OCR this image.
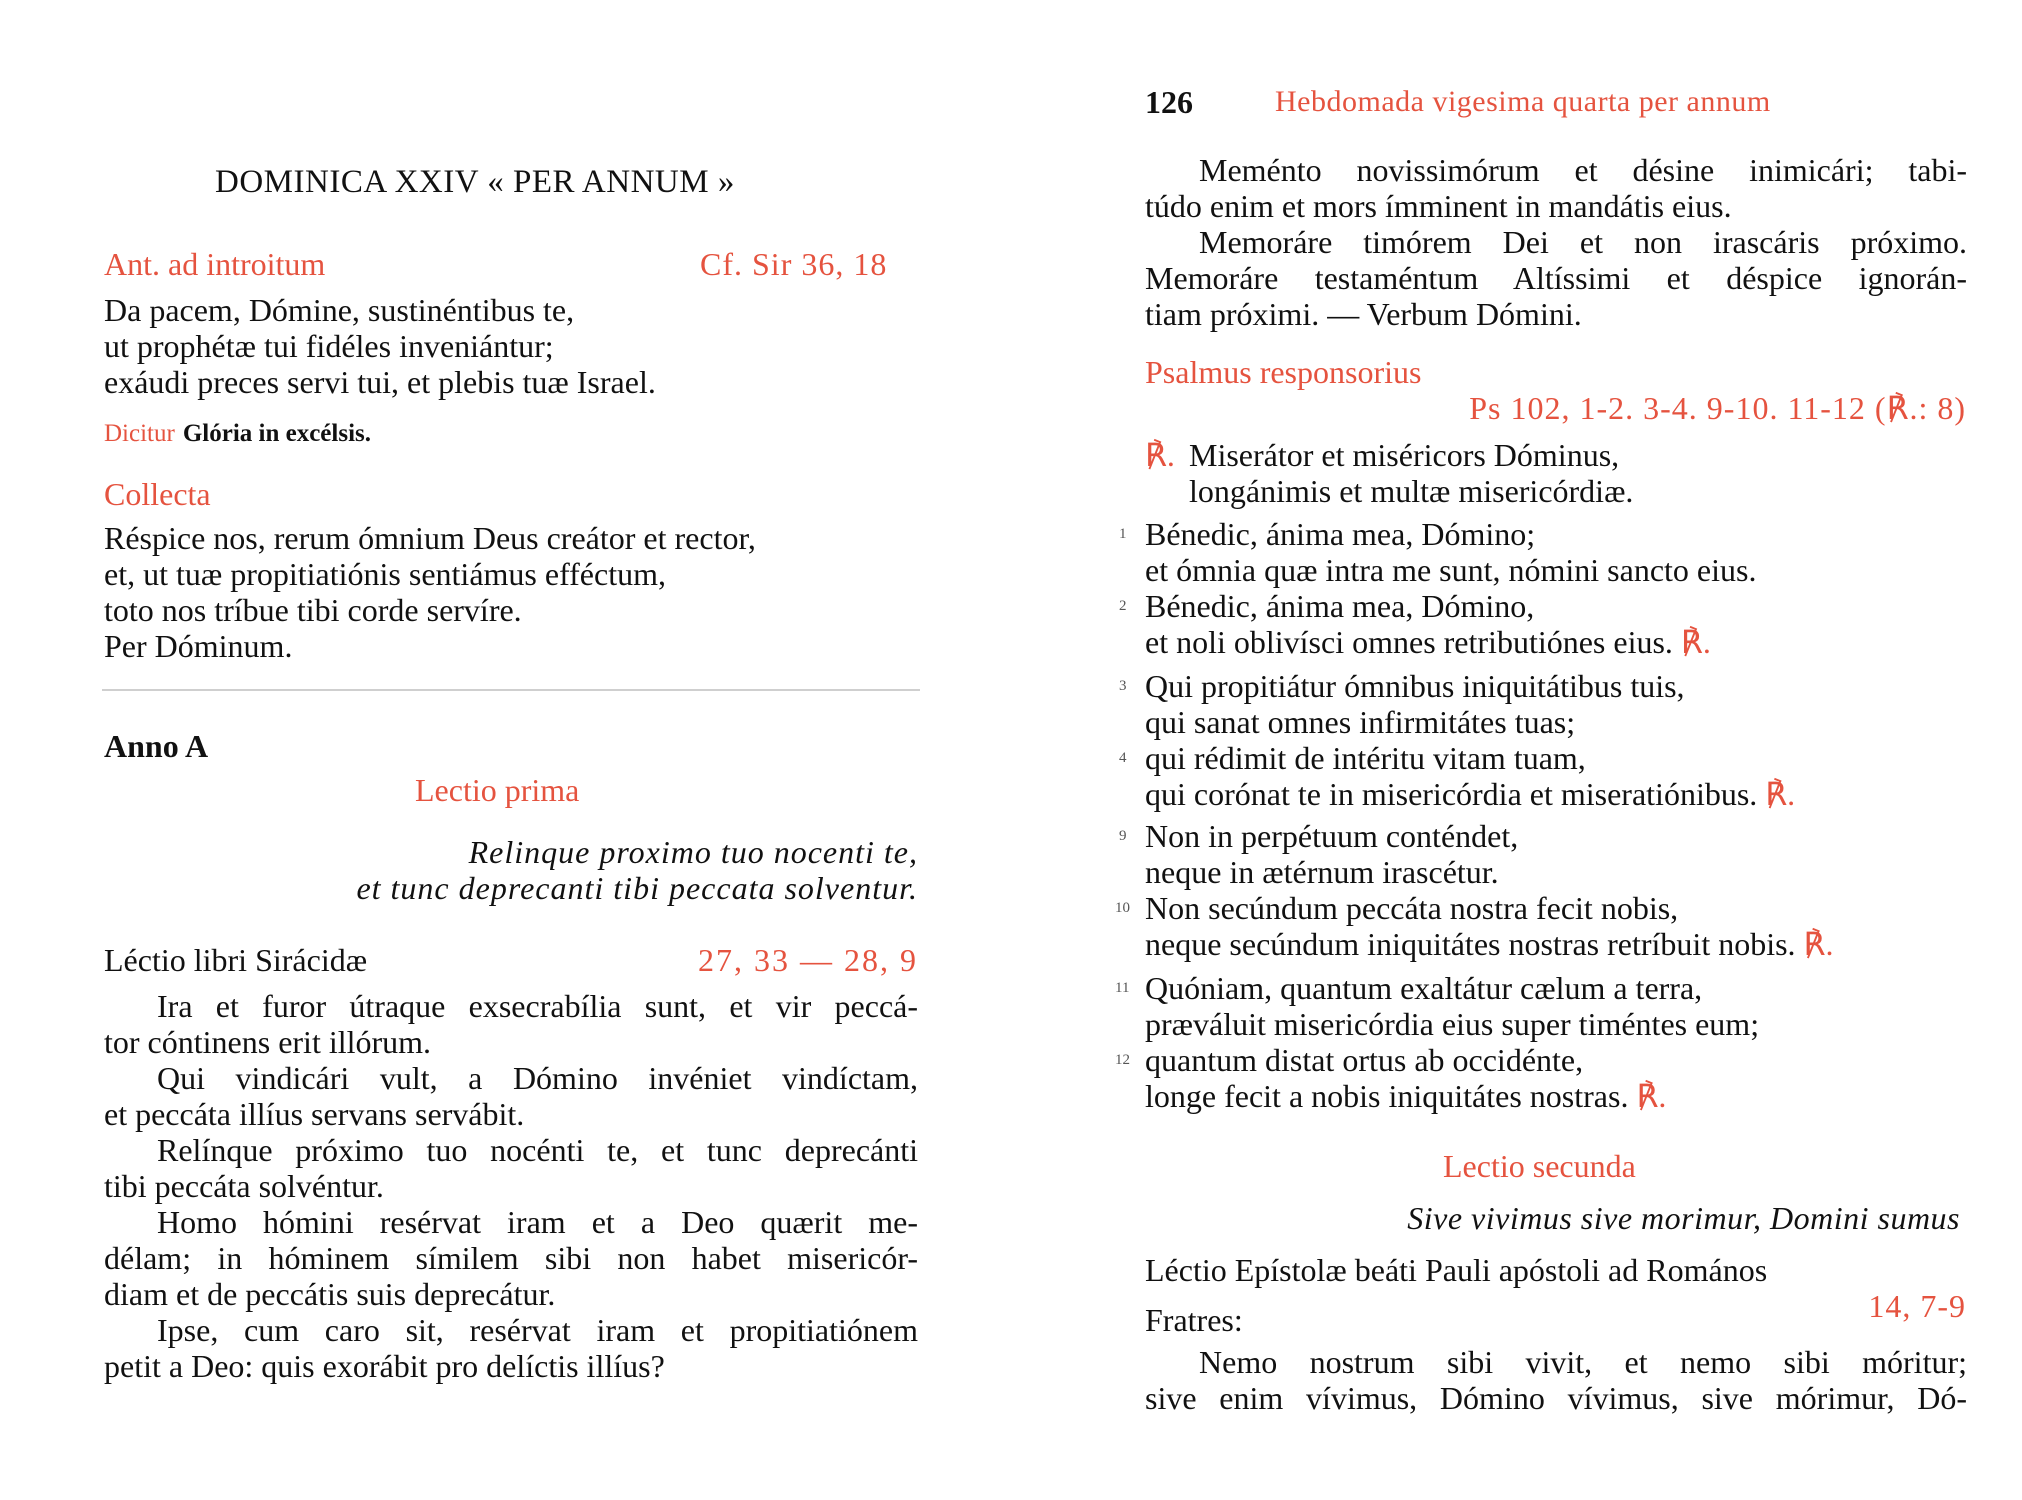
DOMINICA XXIV « PER ANNUM »
Ant. ad introitum	Cf. Sir 36, 18
Da pacem, Dómine, sustinéntibus te,
ut prophétæ tui fidéles inveniántur;
exáudi preces servi tui, et plebis tuæ Israel.
Dicitur Glória in excélsis.
Collecta
Réspice nos, rerum ómnium Deus creátor et rector,
et, ut tuæ propitiatiónis sentiámus efféctum,
toto nos tríbue tibi corde servíre.
Per Dóminum.
Anno A
Lectio prima
Relinque proximo tuo nocenti te,
et tunc deprecanti tibi peccata solventur.
Léctio libri Sirácidæ	27, 33 — 28, 9
Ira et furor útraque exsecrabília sunt, et vir peccá-
tor cóntinens erit illórum.
Qui vindicári vult, a Dómino invéniet vindíctam,
et peccáta illíus servans servábit.
Relínque próximo tuo nocénti te, et tunc deprecánti
tibi peccáta solvéntur.
Homo hómini resérvat iram et a Deo quærit me-
délam; in hóminem símilem sibi non habet misericór-
diam et de peccátis suis deprecátur.
Ipse, cum caro sit, resérvat iram et propitiatiónem
petit a Deo: quis exorábit pro delíctis illíus?
126	Hebdomada vigesima quarta per annum
Meménto novissimórum et désine inimicári; tabi-
túdo enim et mors ímminent in mandátis eius.
Memoráre timórem Dei et non irascáris próximo.
Memoráre testaméntum Altíssimi et déspice ignorán-
tiam próximi. — Verbum Dómini.
Psalmus responsorius
Ps 102, 1-2. 3-4. 9-10. 11-12 (℟.: 8)
℟. Miserátor et miséricors Dóminus,
longánimis et multæ misericórdiæ.
1
2
3
4
9
10
11
12
Bénedic, ánima mea, Dómino;
et ómnia quæ intra me sunt, nómini sancto eius.
Bénedic, ánima mea, Dómino,
et noli oblivísci omnes retributiónes eius. ℟.
Qui propitiátur ómnibus iniquitátibus tuis,
qui sanat omnes infirmitátes tuas;
qui rédimit de intéritu vitam tuam,
qui corónat te in misericórdia et miseratiónibus. ℟.
Non in perpétuum conténdet,
neque in ætérnum irascétur.
Non secúndum peccáta nostra fecit nobis,
neque secúndum iniquitátes nostras retríbuit nobis. ℟.
Quóniam, quantum exaltátur cælum a terra,
præváluit misericórdia eius super timéntes eum;
quantum distat ortus ab occidénte,
longe fecit a nobis iniquitátes nostras. ℟.
Lectio secunda
Sive vivimus sive morimur, Domini sumus
Léctio Epístolæ beáti Pauli apóstoli ad Romános
14, 7-9
Fratres:
Nemo nostrum sibi vivit, et nemo sibi móritur;
sive enim vívimus, Dómino vívimus, sive mórimur, Dó-
